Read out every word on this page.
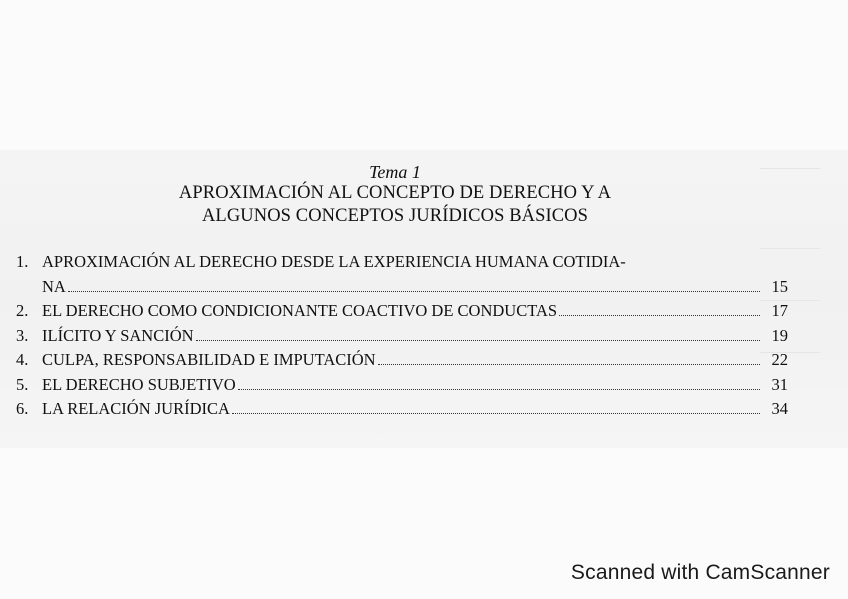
Tema 1

APROXIMACIÓN AL CONCEPTO DE DERECHO Y A

ALGUNOS CONCEPTOS JURÍDICOS BÁSICOS

1. APROXIMACIÓN AL DERECHO DESDE LA EXPERIENCIA HUMANA COTIDIA-
NA	15
2. EL DERECHO COMO CONDICIONANTE COACTIVO DE CONDUCTAS	17
3. ILÍCITO Y SANCIÓN	19
4. CULPA, RESPONSABILIDAD E IMPUTACIÓN	22
5. EL DERECHO SUBJETIVO	31
6. LA RELACIÓN JURÍDICA	34
Scanned with CamScanner
